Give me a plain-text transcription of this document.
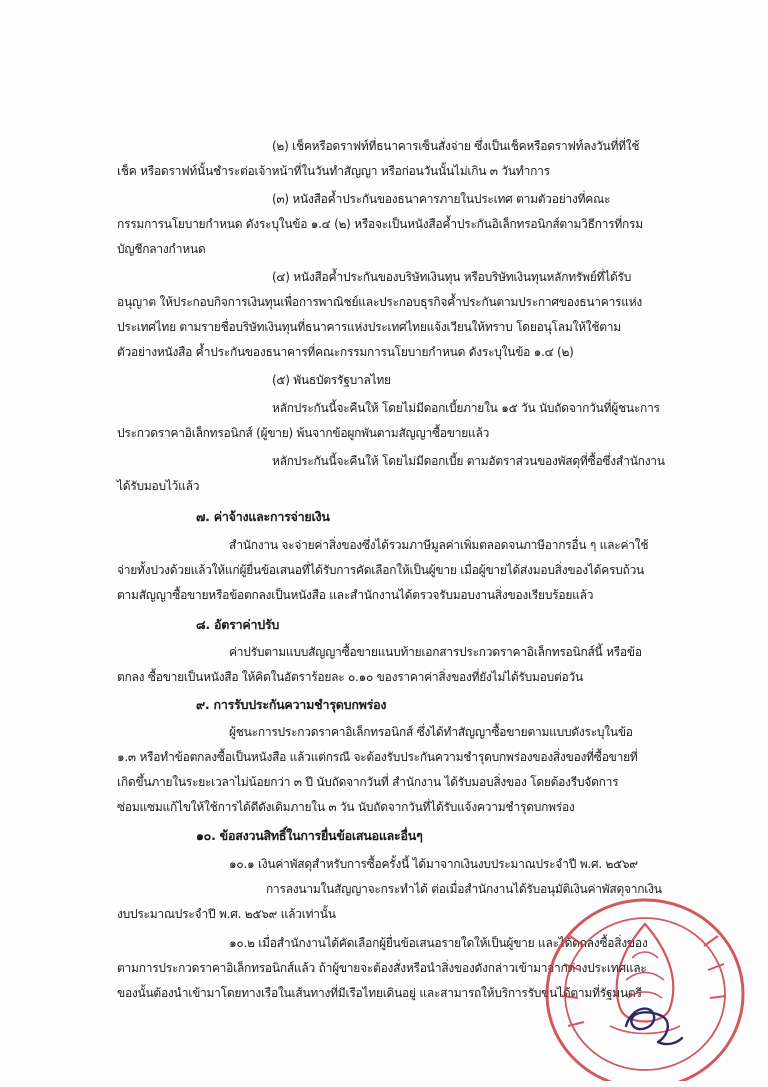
(๒) เช็คหรือดราฟท์ที่ธนาคารเซ็นสั่งจ่าย ซึ่งเป็นเช็คหรือดราฟท์ลงวันที่ที่ใช้

เช็ค หรือดราฟท์นั้นชำระต่อเจ้าหน้าที่ในวันทำสัญญา หรือก่อนวันนั้นไม่เกิน ๓ วันทำการ

(๓) หนังสือค้ำประกันของธนาคารภายในประเทศ ตามตัวอย่างที่คณะ

กรรมการนโยบายกำหนด ดังระบุในข้อ ๑.๔ (๒) หรือจะเป็นหนังสือค้ำประกันอิเล็กทรอนิกส์ตามวิธีการที่กรม

บัญชีกลางกำหนด

(๔) หนังสือค้ำประกันของบริษัทเงินทุน หรือบริษัทเงินทุนหลักทรัพย์ที่ได้รับ

อนุญาต ให้ประกอบกิจการเงินทุนเพื่อการพาณิชย์และประกอบธุรกิจค้ำประกันตามประกาศของธนาคารแห่ง

ประเทศไทย ตามรายชื่อบริษัทเงินทุนที่ธนาคารแห่งประเทศไทยแจ้งเวียนให้ทราบ โดยอนุโลมให้ใช้ตาม

ตัวอย่างหนังสือ ค้ำประกันของธนาคารที่คณะกรรมการนโยบายกำหนด ดังระบุในข้อ ๑.๔ (๒)

(๕) พันธบัตรรัฐบาลไทย

หลักประกันนี้จะคืนให้ โดยไม่มีดอกเบี้ยภายใน ๑๕ วัน นับถัดจากวันที่ผู้ชนะการ

ประกวดราคาอิเล็กทรอนิกส์ (ผู้ขาย) พ้นจากข้อผูกพันตามสัญญาซื้อขายแล้ว

หลักประกันนี้จะคืนให้ โดยไม่มีดอกเบี้ย ตามอัตราส่วนของพัสดุที่ซื้อซึ่งสำนักงาน

ได้รับมอบไว้แล้ว

๗. ค่าจ้างและการจ่ายเงิน

สำนักงาน จะจ่ายค่าสิ่งของซึ่งได้รวมภาษีมูลค่าเพิ่มตลอดจนภาษีอากรอื่น ๆ และค่าใช้

จ่ายทั้งปวงด้วยแล้วให้แก่ผู้ยื่นข้อเสนอที่ได้รับการคัดเลือกให้เป็นผู้ขาย เมื่อผู้ขายได้ส่งมอบสิ่งของได้ครบถ้วน

ตามสัญญาซื้อขายหรือข้อตกลงเป็นหนังสือ และสำนักงานได้ตรวจรับมอบงานสิ่งของเรียบร้อยแล้ว

๘. อัตราค่าปรับ

ค่าปรับตามแบบสัญญาซื้อขายแนบท้ายเอกสารประกวดราคาอิเล็กทรอนิกส์นี้ หรือข้อ

ตกลง ซื้อขายเป็นหนังสือ ให้คิดในอัตราร้อยละ ๐.๑๐ ของราคาค่าสิ่งของที่ยังไม่ได้รับมอบต่อวัน

๙. การรับประกันความชำรุดบกพร่อง

ผู้ชนะการประกวดราคาอิเล็กทรอนิกส์ ซึ่งได้ทำสัญญาซื้อขายตามแบบดังระบุในข้อ

๑.๓ หรือทำข้อตกลงซื้อเป็นหนังสือ แล้วแต่กรณี จะต้องรับประกันความชำรุดบกพร่องของสิ่งของที่ซื้อขายที่

เกิดขึ้นภายในระยะเวลาไม่น้อยกว่า ๓ ปี นับถัดจากวันที่ สำนักงาน ได้รับมอบสิ่งของ โดยต้องรีบจัดการ

ซ่อมแซมแก้ไขให้ใช้การได้ดีดังเดิมภายใน ๓ วัน นับถัดจากวันที่ได้รับแจ้งความชำรุดบกพร่อง

๑๐. ข้อสงวนสิทธิ์ในการยื่นข้อเสนอและอื่นๆ

๑๐.๑ เงินค่าพัสดุสำหรับการซื้อครั้งนี้ ได้มาจากเงินงบประมาณประจำปี พ.ศ. ๒๕๖๙

การลงนามในสัญญาจะกระทำได้ ต่อเมื่อสำนักงานได้รับอนุมัติเงินค่าพัสดุจากเงิน

งบประมาณประจำปี พ.ศ. ๒๕๖๙ แล้วเท่านั้น

๑๐.๒ เมื่อสำนักงานได้คัดเลือกผู้ยื่นข้อเสนอรายใดให้เป็นผู้ขาย และได้ตกลงซื้อสิ่งของ

ตามการประกวดราคาอิเล็กทรอนิกส์แล้ว ถ้าผู้ขายจะต้องสั่งหรือนำสิ่งของดังกล่าวเข้ามาจากต่างประเทศและ

ของนั้นต้องนำเข้ามาโดยทางเรือในเส้นทางที่มีเรือไทยเดินอยู่ และสามารถให้บริการรับขนได้ตามที่รัฐมนตรี
